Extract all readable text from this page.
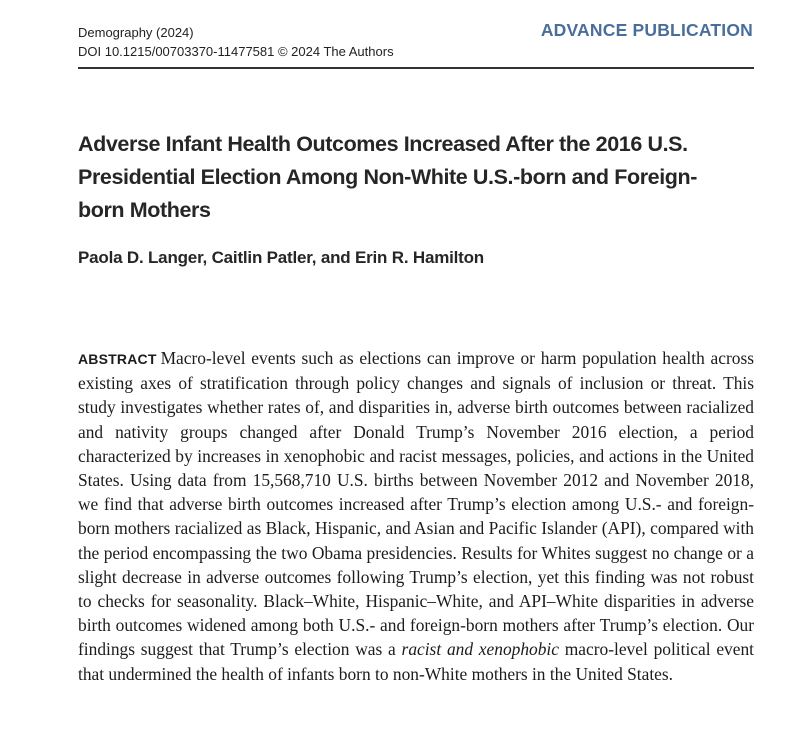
Demography (2024)
DOI 10.1215/00703370-11477581 © 2024 The Authors
ADVANCE PUBLICATION
Adverse Infant Health Outcomes Increased After the 2016 U.S. Presidential Election Among Non-White U.S.-born and Foreign-born Mothers
Paola D. Langer, Caitlin Patler, and Erin R. Hamilton

ABSTRACT Macro-level events such as elections can improve or harm population health across existing axes of stratification through policy changes and signals of inclusion or threat. This study investigates whether rates of, and disparities in, adverse birth outcomes between racialized and nativity groups changed after Donald Trump’s November 2016 election, a period characterized by increases in xenophobic and racist messages, policies, and actions in the United States. Using data from 15,568,710 U.S. births between November 2012 and November 2018, we find that adverse birth outcomes increased after Trump’s election among U.S.- and foreign-born mothers racialized as Black, Hispanic, and Asian and Pacific Islander (API), compared with the period encompassing the two Obama presidencies. Results for Whites suggest no change or a slight decrease in adverse outcomes following Trump’s election, yet this finding was not robust to checks for seasonality. Black–White, Hispanic–White, and API–White disparities in adverse birth outcomes widened among both U.S.- and foreign-born mothers after Trump’s election. Our findings suggest that Trump’s election was a racist and xenophobic macro-level political event that undermined the health of infants born to non-White mothers in the United States.
